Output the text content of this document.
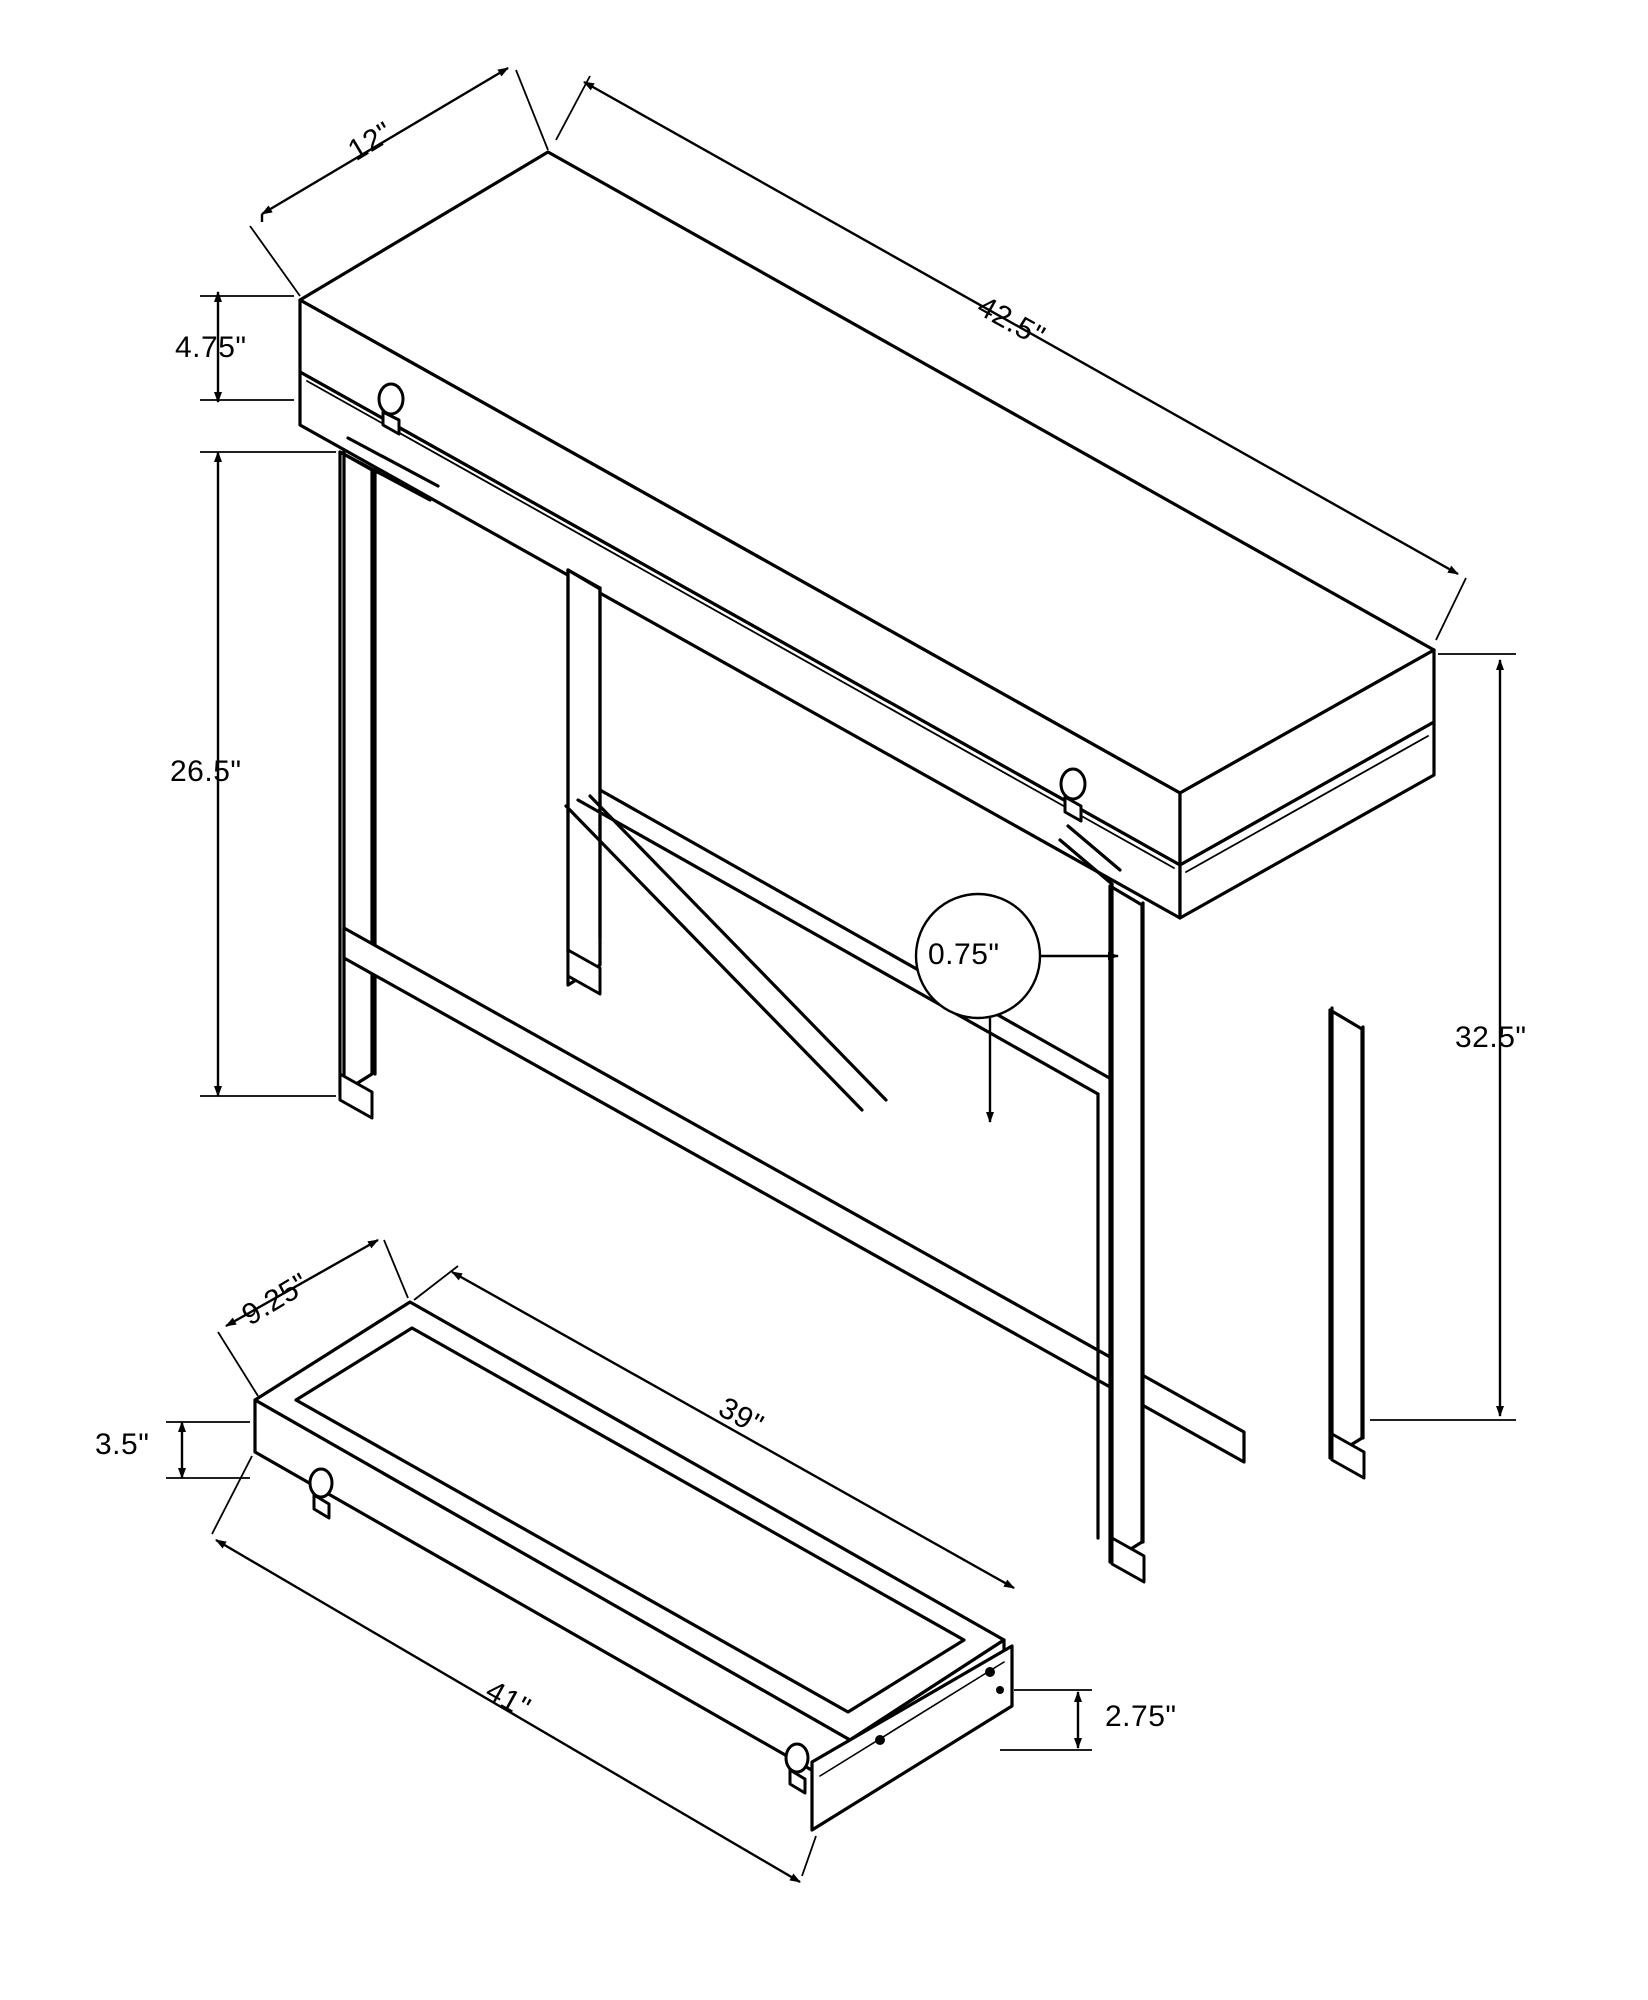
12"
42.5"
4.75"
26.5"
32.5"
0.75"
9.25"
3.5"
39"
41"	2.75"
